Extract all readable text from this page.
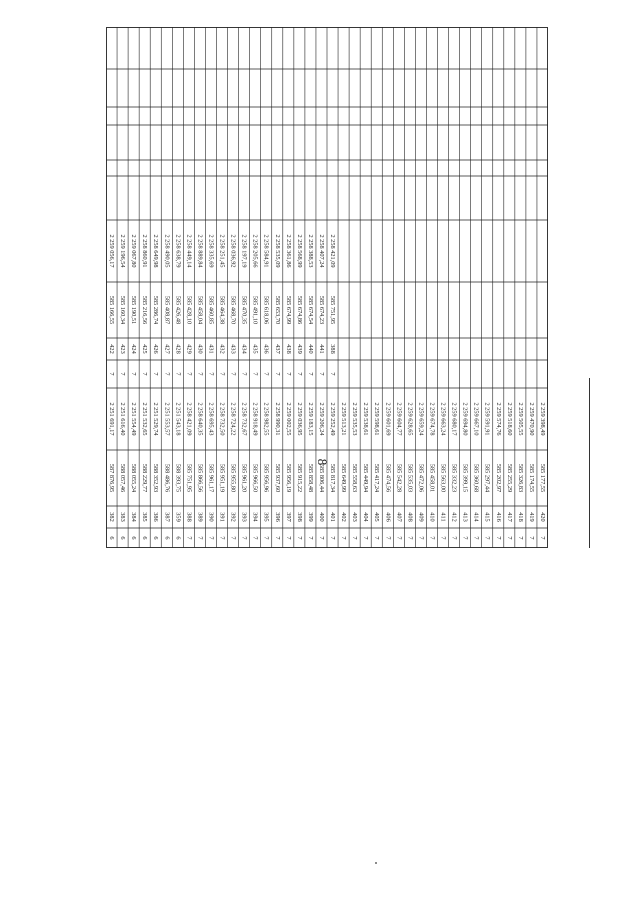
8
6
382
587 876,95
2 251 691,17
7
422
585 166,55
2 259 056,17
6
383
588 057,46
2 251 616,40
7
423
585 160,34
2 259 196,54
6
384
588 055,24
2 251 554,49
7
424
585 190,51
2 259 067,80
6
385
588 229,77
2 251 532,65
7
425
585 216,56
2 258 860,91
6
386
588 352,93
2 251 529,74
7
426
585 286,74
2 258 649,98
6
387
588 486,76
2 251 553,57
7
427
585 408,87
2 258 490,05
6
359
588 393,75
2 251 543,18
7
428
585 426,48
2 258 638,79
7
388
585 751,95
2 258 421,09
7
429
585 428,10
2 258 449,14
7
389
585 866,56
2 258 640,35
7
430
585 458,04
2 258 889,84
7
390
585 961,17
2 258 695,43
7
431
585 460,85
2 258 335,69
7
391
585 951,19
2 258 732,50
7
432
585 464,38
2 258 251,45
7
392
585 955,80
2 258 724,22
7
433
585 468,70
2 258 036,92
7
393
585 961,20
2 258 732,67
7
434
585 470,35
2 258 197,19
7
394
585 966,50
2 258 918,49
7
435
585 491,10
2 258 205,66
7
395
585 956,96
2 258 982,55
7
436
585 618,06
2 258 584,91
7
396
585 937,60
2 258 990,31
7
437
585 653,70
2 258 535,09
7
397
585 956,19
2 259 002,55
7
438
585 674,99
2 258 361,86
7
398
585 915,22
2 259 036,95
7
439
585 674,86
2 258 568,99
7
399
585 858,48
2 259 183,15
7
440
585 674,54
2 258 388,53
7
400
585 806,44
2 259 206,24
7
441
585 674,23
2 258 407,24
7
401
585 817,34
2 259 252,49
7
388
585 751,95
2 258 421,09
7
402
585 649,99
2 259 513,21
7
403
585 558,63
2 259 535,53
7
404
585 449,94
2 259 538,61
7
405
585 417,24
2 259 598,61
7
406
585 474,56
2 259 601,69
7
407
585 542,28
2 259 604,77
7
408
585 535,03
2 259 628,65
7
409
585 472,06
2 259 659,24
7
410
585 458,01
2 259 674,78
7
411
585 563,00
2 259 663,24
7
412
585 332,23
2 259 680,17
7
413
585 399,15
2 259 694,80
7
414
585 360,68
2 259 667,10
7
415
585 297,44
2 259 591,91
7
416
585 202,97
2 259 574,76
7
417
585 255,29
2 259 518,60
7
418
585 326,83
2 259 505,55
7
419
585 174,55
2 259 470,90
7
420
585 177,55
2 259 398,49
